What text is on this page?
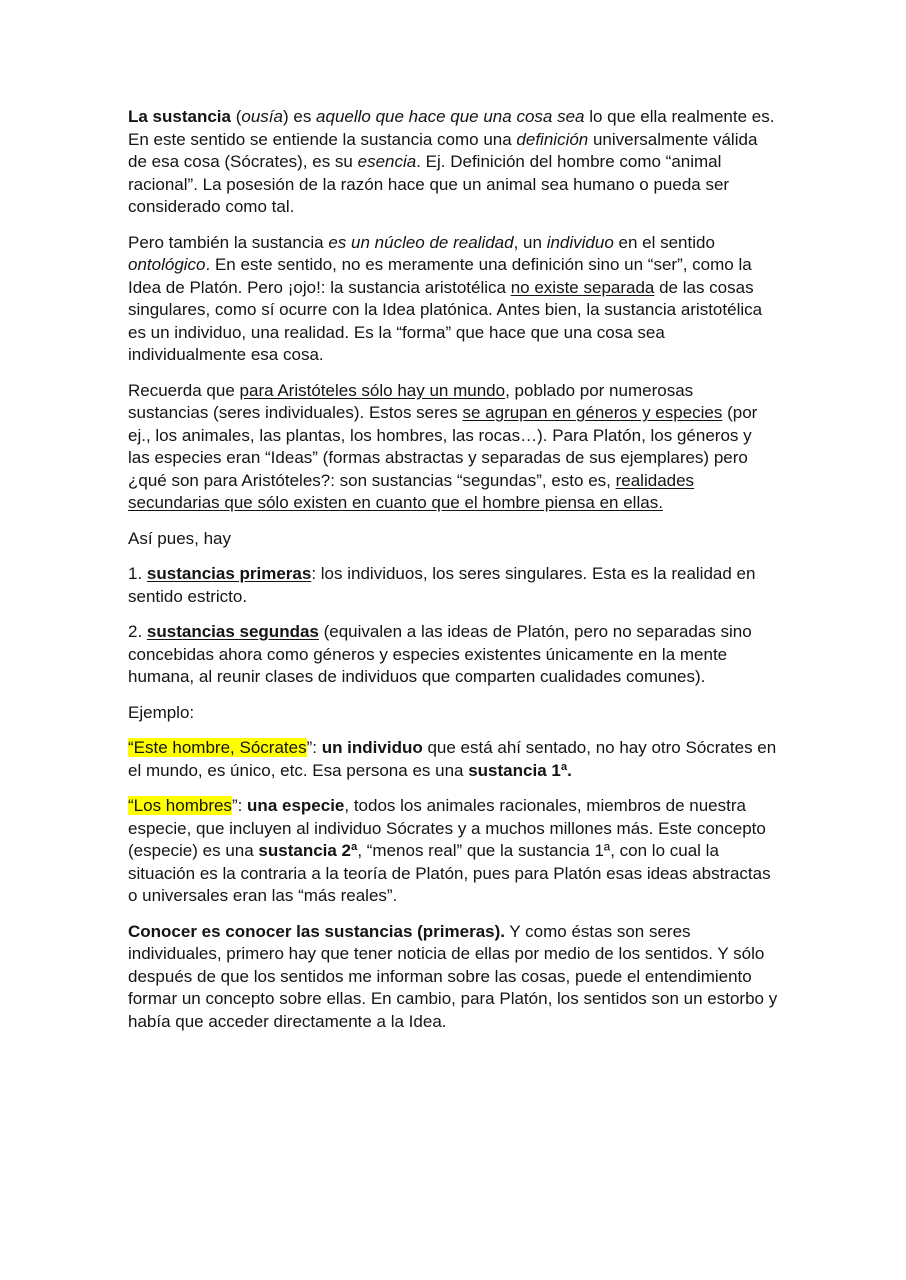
La sustancia (ousía) es aquello que hace que una cosa sea lo que ella realmente es. En este sentido se entiende la sustancia como una definición universalmente válida de esa cosa (Sócrates), es su esencia. Ej. Definición del hombre como “animal racional”. La posesión de la razón hace que un animal sea humano o pueda ser considerado como tal.

Pero también la sustancia es un núcleo de realidad, un individuo en el sentido ontológico. En este sentido, no es meramente una definición sino un “ser”, como la Idea de Platón. Pero ¡ojo!: la sustancia aristotélica no existe separada de las cosas singulares, como sí ocurre con la Idea platónica. Antes bien, la sustancia aristotélica es un individuo, una realidad. Es la “forma” que hace que una cosa sea individualmente esa cosa.

Recuerda que para Aristóteles sólo hay un mundo, poblado por numerosas sustancias (seres individuales). Estos seres se agrupan en géneros y especies (por ej., los animales, las plantas, los hombres, las rocas…). Para Platón, los géneros y las especies eran “Ideas” (formas abstractas y separadas de sus ejemplares) pero ¿qué son para Aristóteles?: son sustancias “segundas”, esto es, realidades secundarias que sólo existen en cuanto que el hombre piensa en ellas.

Así pues, hay

1. sustancias primeras: los individuos, los seres singulares. Esta es la realidad en sentido estricto.

2. sustancias segundas (equivalen a las ideas de Platón, pero no separadas sino concebidas ahora como géneros y especies existentes únicamente en la mente humana, al reunir clases de individuos que comparten cualidades comunes).

Ejemplo:

“Este hombre, Sócrates”: un individuo que está ahí sentado, no hay otro Sócrates en el mundo, es único, etc. Esa persona es una sustancia 1ª.

“Los hombres”: una especie, todos los animales racionales, miembros de nuestra especie, que incluyen al individuo Sócrates y a muchos millones más. Este concepto (especie) es una sustancia 2ª, “menos real” que la sustancia 1ª, con lo cual la situación es la contraria a la teoría de Platón, pues para Platón esas ideas abstractas o universales eran las “más reales”.

Conocer es conocer las sustancias (primeras). Y como éstas son seres individuales, primero hay que tener noticia de ellas por medio de los sentidos. Y sólo después de que los sentidos me informan sobre las cosas, puede el entendimiento formar un concepto sobre ellas. En cambio, para Platón, los sentidos son un estorbo y había que acceder directamente a la Idea.
